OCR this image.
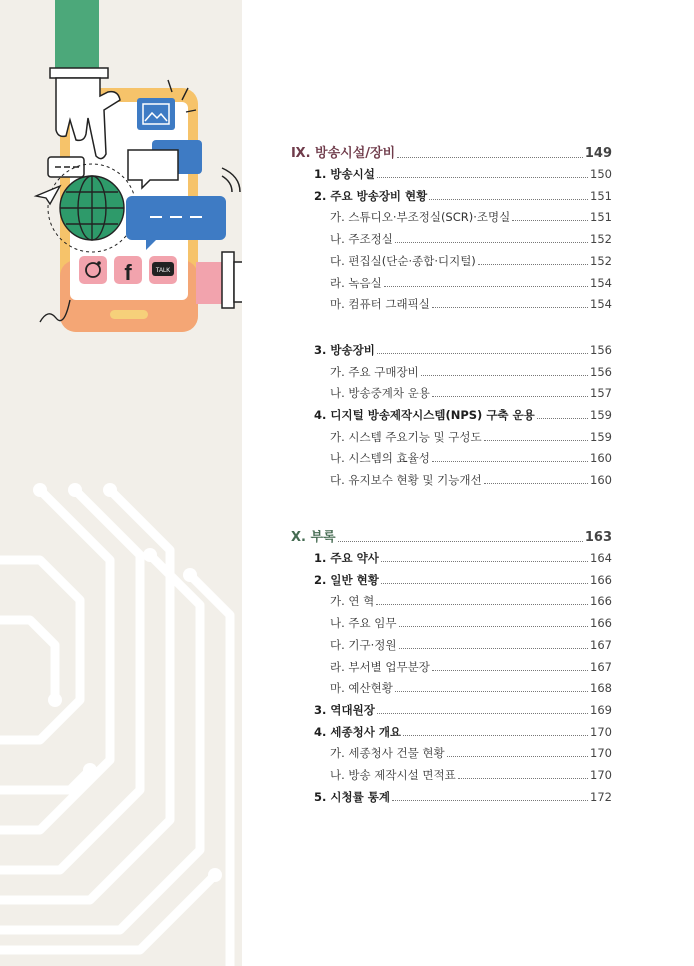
f	TALK
Ⅸ. 방송시설/장비	149
1. 방송시설	150
2. 주요 방송장비 현황	151
가. 스튜디오·부조정실(SCR)·조명실	151
나. 주조정실	152
다. 편집실(단순·종합·디지털)	152
라. 녹음실	154
마. 컴퓨터 그래픽실	154
3. 방송장비	156
가. 주요 구매장비	156
나. 방송중계차 운용	157
4. 디지털 방송제작시스템(NPS) 구축 운용	159
가. 시스템 주요기능 및 구성도	159
나. 시스템의 효율성	160
다. 유지보수 현황 및 기능개선	160
Ⅹ. 부록	163
1. 주요 약사	164
2. 일반 현황	166
가. 연 혁	166
나. 주요 임무	166
다. 기구·정원	167
라. 부서별 업무분장	167
마. 예산현황	168
3. 역대원장	169
4. 세종청사 개요	170
가. 세종청사 건물 현황	170
나. 방송 제작시설 면적표	170
5. 시청률 통계	172
